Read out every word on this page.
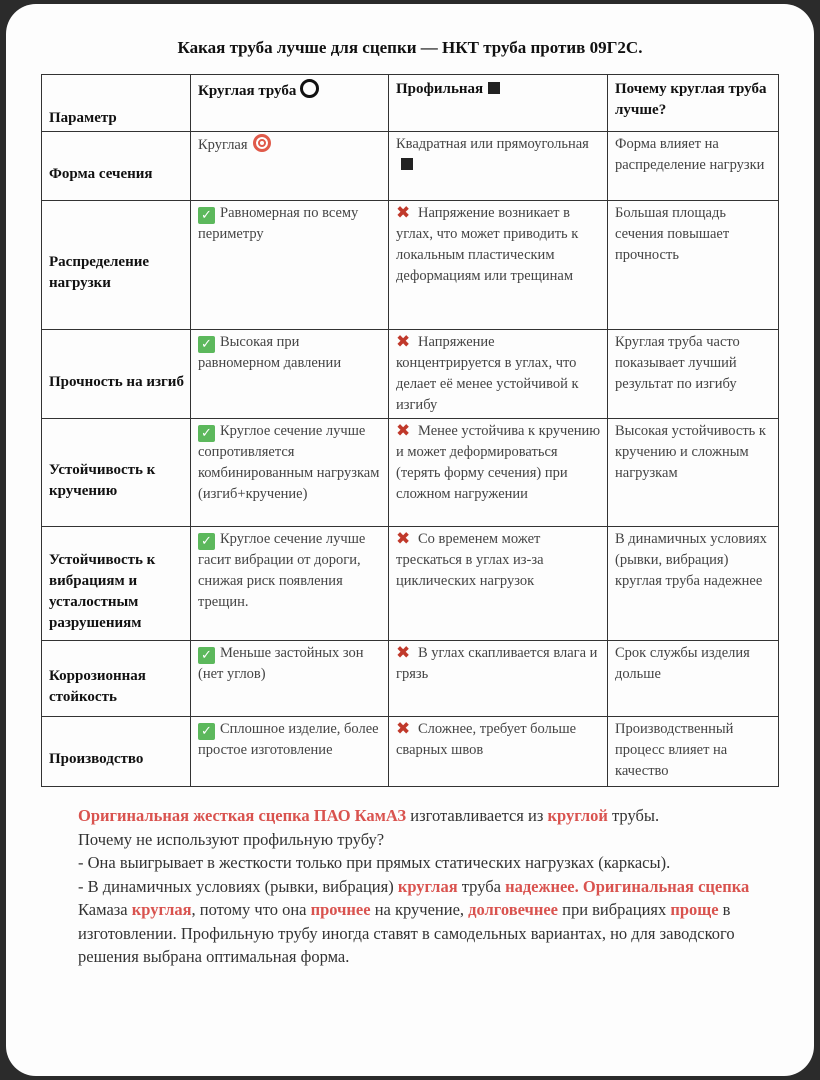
Какая труба лучше для сцепки — НКТ труба против 09Г2С.
Параметр	Круглая труба	Профильная	Почему круглая труба лучше?
Форма сечения	Круглая	Квадратная или прямоугольная	Форма влияет на распределение нагрузки
Распределение нагрузки	✓ Равномерная по всему периметру	✖ Напряжение возникает в углах, что может приводить к локальным пластическим деформациям или трещинам	Большая площадь сечения повышает прочность
Прочность на изгиб	✓ Высокая при равномерном давлении	✖ Напряжение концентрируется в углах, что делает её менее устойчивой к изгибу	Круглая труба часто показывает лучший результат по изгибу
Устойчивость к кручению	✓ Круглое сечение лучше сопротивляется комбинированным нагрузкам (изгиб+кручение)	✖ Менее устойчива к кручению и может деформироваться (терять форму сечения) при сложном нагружении	Высокая устойчивость к кручению и сложным нагрузкам
Устойчивость к вибрациям и усталостным разрушениям	✓ Круглое сечение лучше гасит вибрации от дороги, снижая риск появления трещин.	✖ Со временем может трескаться в углах из-за циклических нагрузок	В динамичных условиях (рывки, вибрация) круглая труба надежнее
Коррозионная стойкость	✓ Меньше застойных зон (нет углов)	✖ В углах скапливается влага и грязь	Срок службы изделия дольше
Производство	✓ Сплошное изделие, более простое изготовление	✖ Сложнее, требует больше сварных швов	Производственный процесс влияет на качество

Оригинальная жесткая сцепка ПАО КамАЗ изготавливается из круглой трубы.

Почему не используют профильную трубу?

- Она выигрывает в жесткости только при прямых статических нагрузках (каркасы).

- В динамичных условиях (рывки, вибрация) круглая труба надежнее. Оригинальная сцепка Камаза круглая, потому что она прочнее на кручение, долговечнее при вибрациях проще в изготовлении. Профильную трубу иногда ставят в самодельных вариантах, но для заводского решения выбрана оптимальная форма.
